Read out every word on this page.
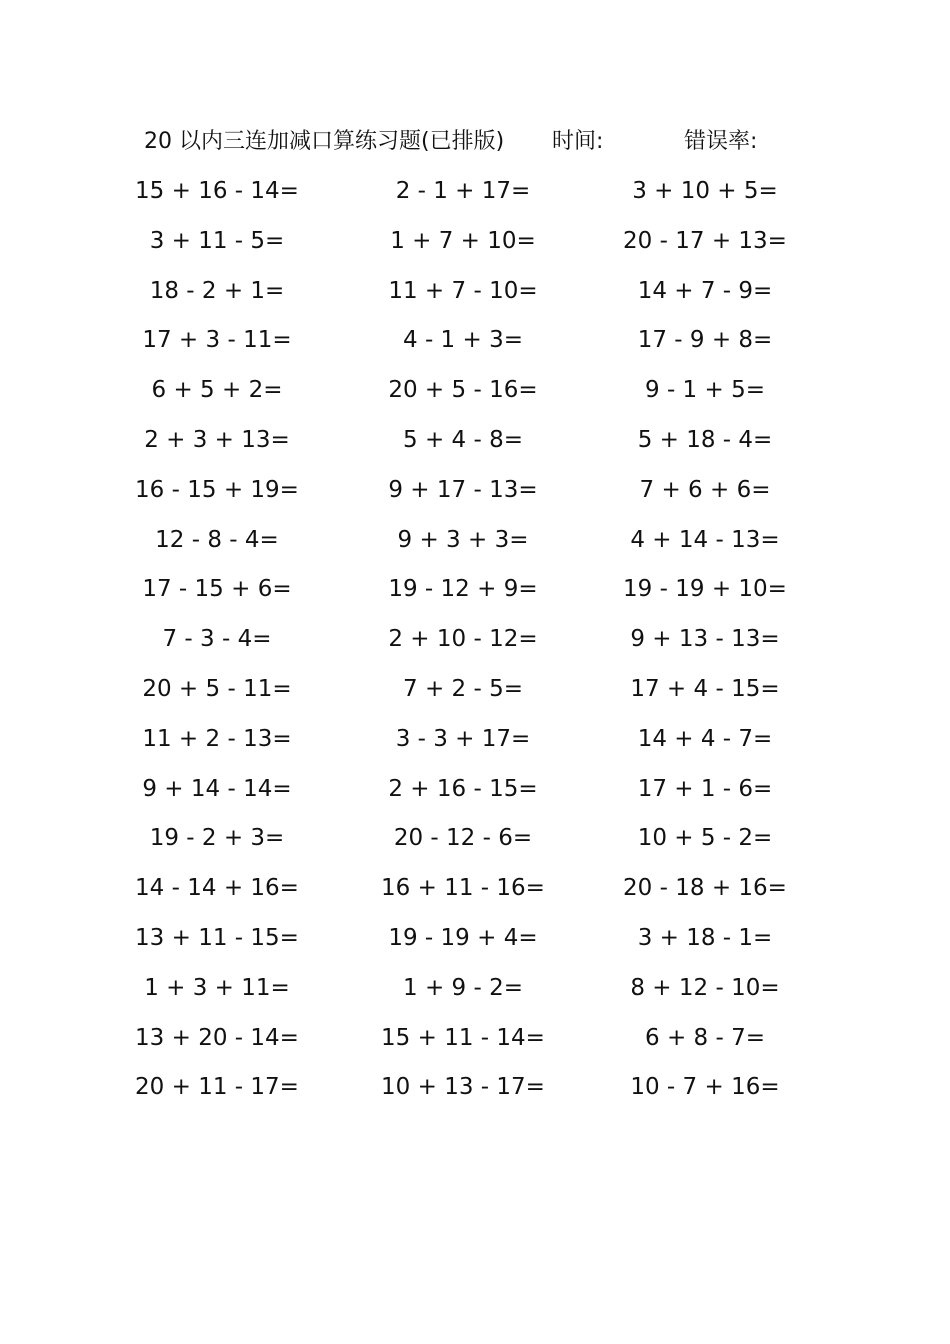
20 以内三连加减口算练习题(已排版) 时间:	错误率:
15 + 16 - 14=	2 - 1 + 17=	3 + 10 + 5=
3 + 11 - 5=	1 + 7 + 10=	20 - 17 + 13=
18 - 2 + 1=	11 + 7 - 10=	14 + 7 - 9=
17 + 3 - 11=	4 - 1 + 3=	17 - 9 + 8=
6 + 5 + 2=	20 + 5 - 16=	9 - 1 + 5=
2 + 3 + 13=	5 + 4 - 8=	5 + 18 - 4=
16 - 15 + 19=	9 + 17 - 13=	7 + 6 + 6=
12 - 8 - 4=	9 + 3 + 3=	4 + 14 - 13=
17 - 15 + 6=	19 - 12 + 9=	19 - 19 + 10=
7 - 3 - 4=	2 + 10 - 12=	9 + 13 - 13=
20 + 5 - 11=	7 + 2 - 5=	17 + 4 - 15=
11 + 2 - 13=	3 - 3 + 17=	14 + 4 - 7=
9 + 14 - 14=	2 + 16 - 15=	17 + 1 - 6=
19 - 2 + 3=	20 - 12 - 6=	10 + 5 - 2=
14 - 14 + 16=	16 + 11 - 16=	20 - 18 + 16=
13 + 11 - 15=	19 - 19 + 4=	3 + 18 - 1=
1 + 3 + 11=	1 + 9 - 2=	8 + 12 - 10=
13 + 20 - 14=	15 + 11 - 14=	6 + 8 - 7=
20 + 11 - 17=	10 + 13 - 17=	10 - 7 + 16=
